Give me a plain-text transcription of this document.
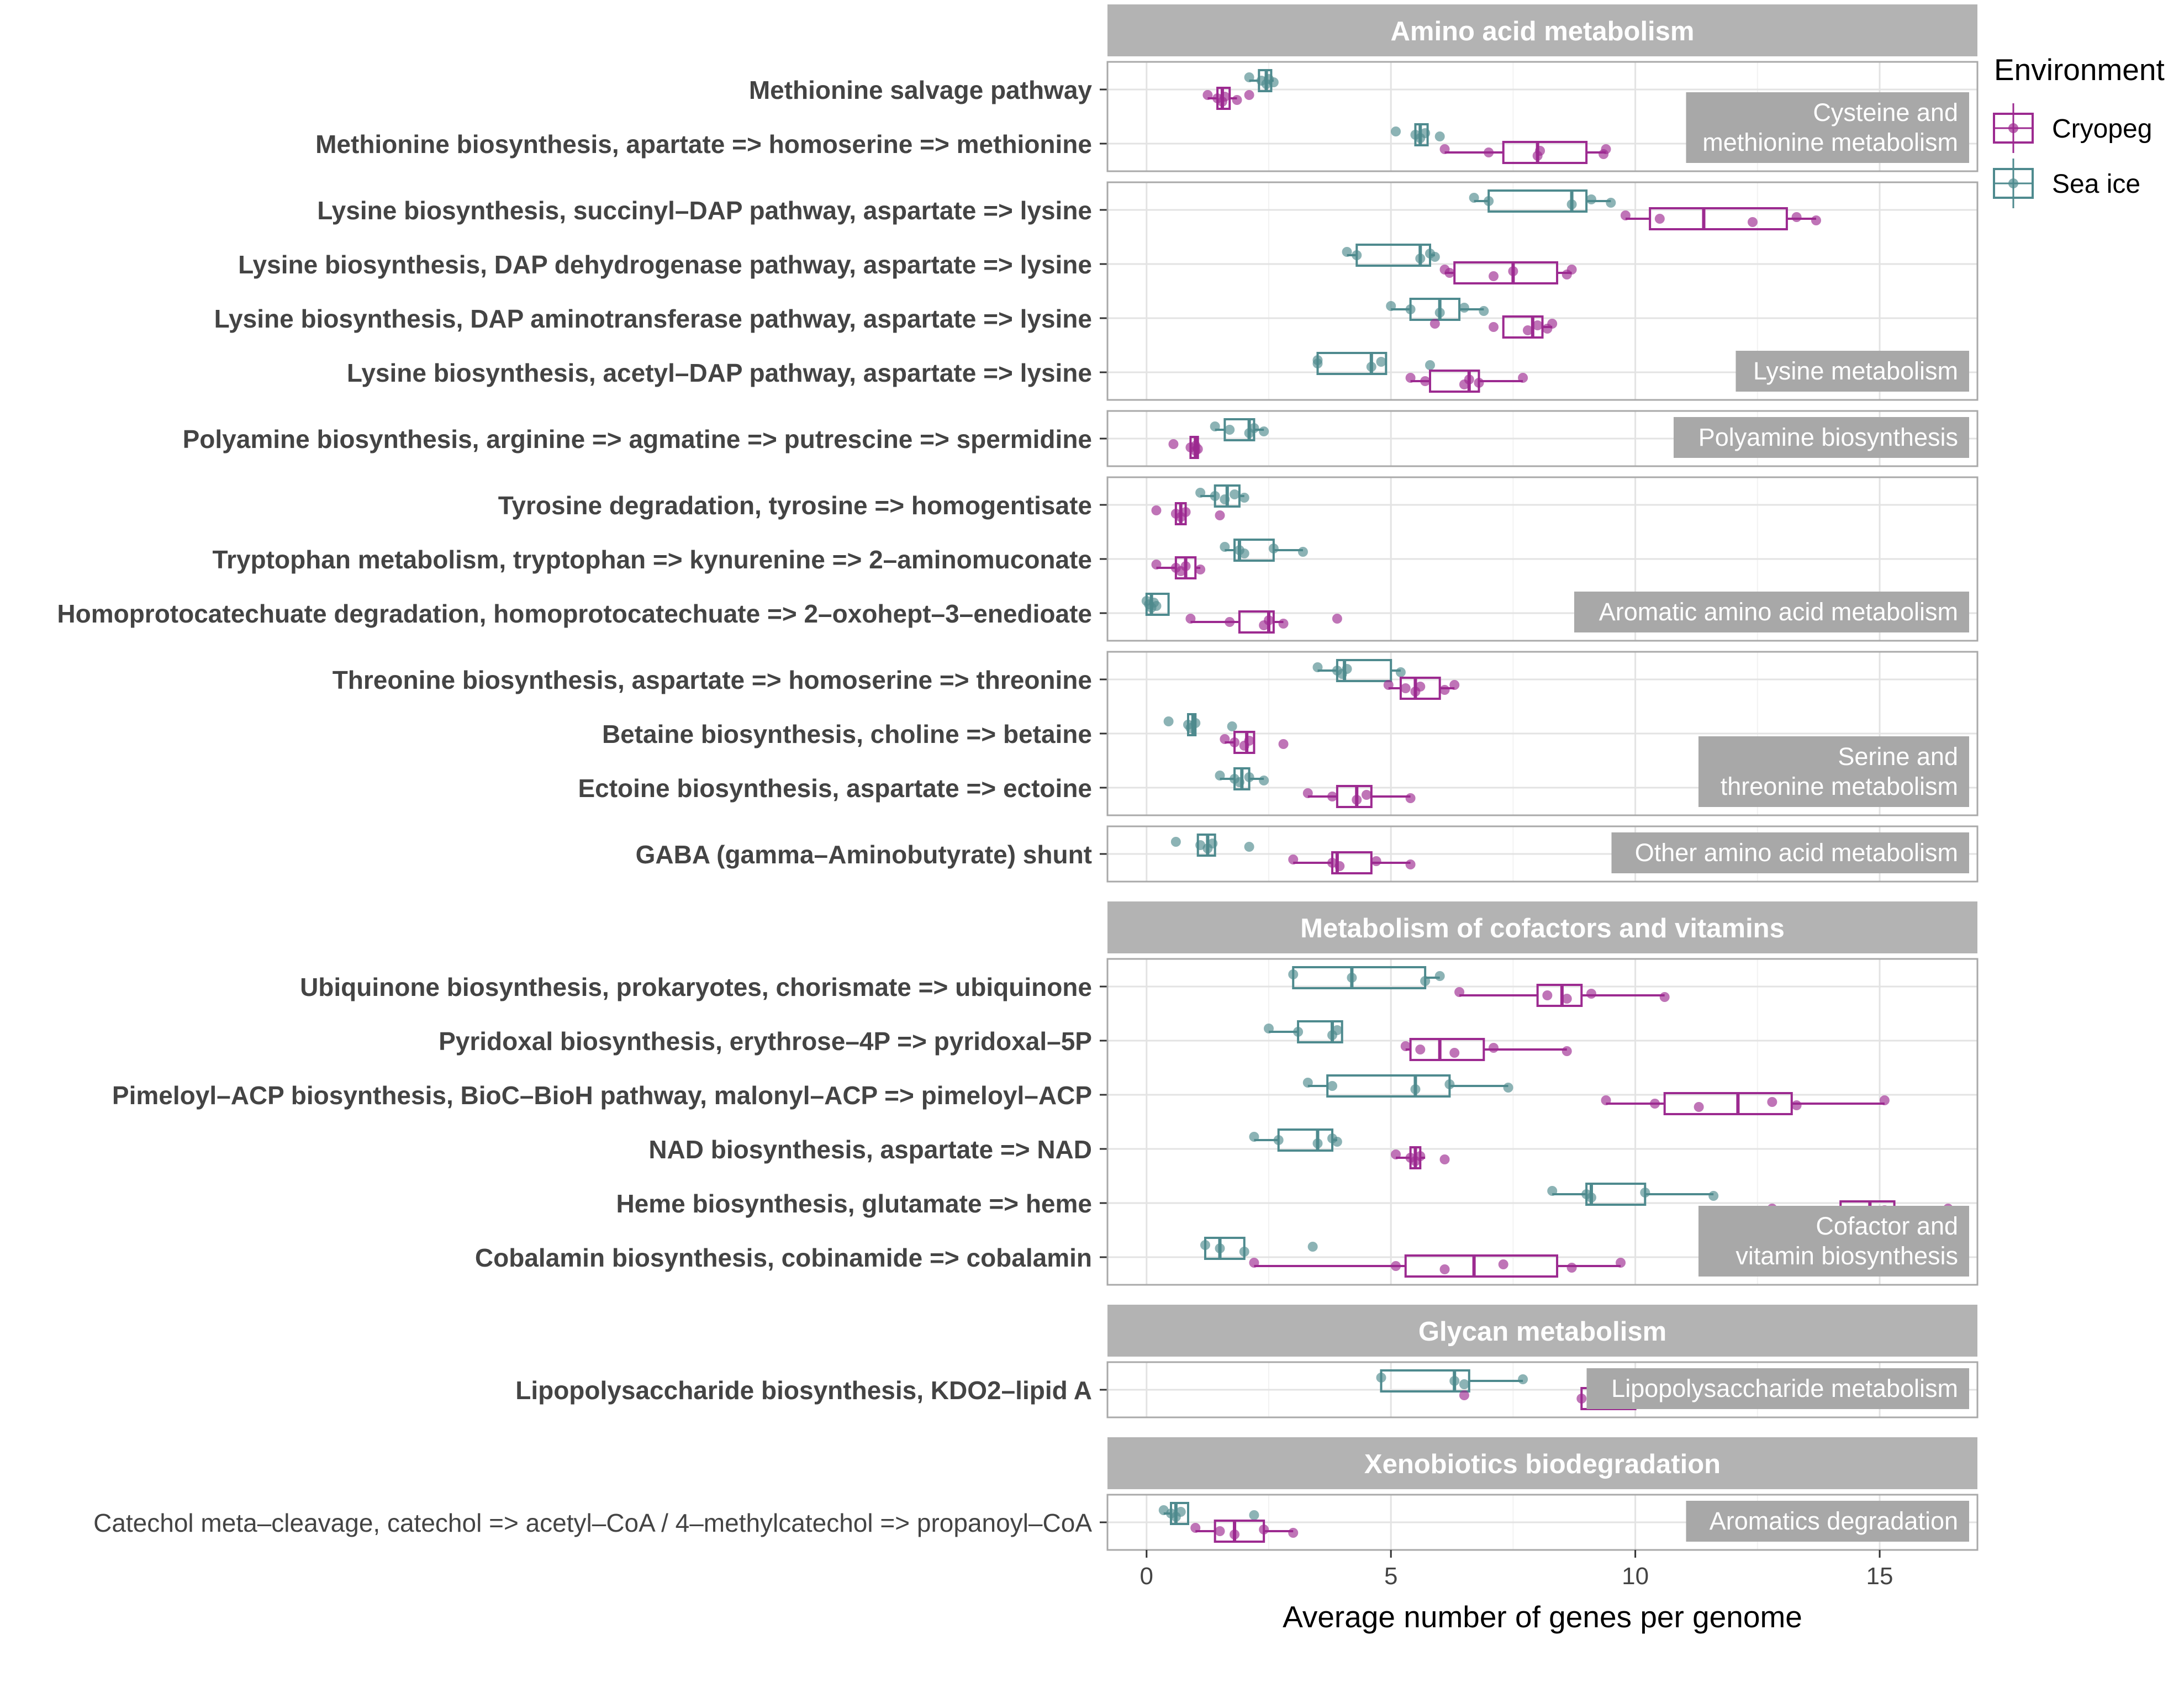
Amino acid metabolism
Methionine salvage pathway
Methionine biosynthesis, apartate => homoserine => methionine
Cysteine and methionine metabolism
Lysine biosynthesis, succinyl–DAP pathway, aspartate => lysine
Lysine biosynthesis, DAP dehydrogenase pathway, aspartate => lysine
Lysine biosynthesis, DAP aminotransferase pathway, aspartate => lysine
Lysine biosynthesis, acetyl–DAP pathway, aspartate => lysine	Lysine metabolism
Polyamine biosynthesis, arginine => agmatine => putrescine => spermidine	Polyamine biosynthesis
Tyrosine degradation, tyrosine => homogentisate
Tryptophan metabolism, tryptophan => kynurenine => 2–aminomuconate
Homoprotocatechuate degradation, homoprotocatechuate => 2–oxohept–3–enedioate	Aromatic amino acid metabolism
Threonine biosynthesis, aspartate => homoserine => threonine
Betaine biosynthesis, choline => betaine
Ectoine biosynthesis, aspartate => ectoine
Serine and threonine metabolism
GABA (gamma–Aminobutyrate) shunt	Other amino acid metabolism
Metabolism of cofactors and vitamins
Ubiquinone biosynthesis, prokaryotes, chorismate => ubiquinone
Pyridoxal biosynthesis, erythrose–4P => pyridoxal–5P
Pimeloyl–ACP biosynthesis, BioC–BioH pathway, malonyl–ACP => pimeloyl–ACP
NAD biosynthesis, aspartate => NAD
Heme biosynthesis, glutamate => heme
Cobalamin biosynthesis, cobinamide => cobalamin
Cofactor and vitamin biosynthesis
Glycan metabolism
Lipopolysaccharide biosynthesis, KDO2–lipid A	Lipopolysaccharide metabolism
Xenobiotics biodegradation
Catechol meta–cleavage, catechol => acetyl–CoA / 4–methylcatechol => propanoyl–CoA	Aromatics degradation
0	5	10	15
Average number of genes per genome
Environment
Cryopeg
Sea ice
